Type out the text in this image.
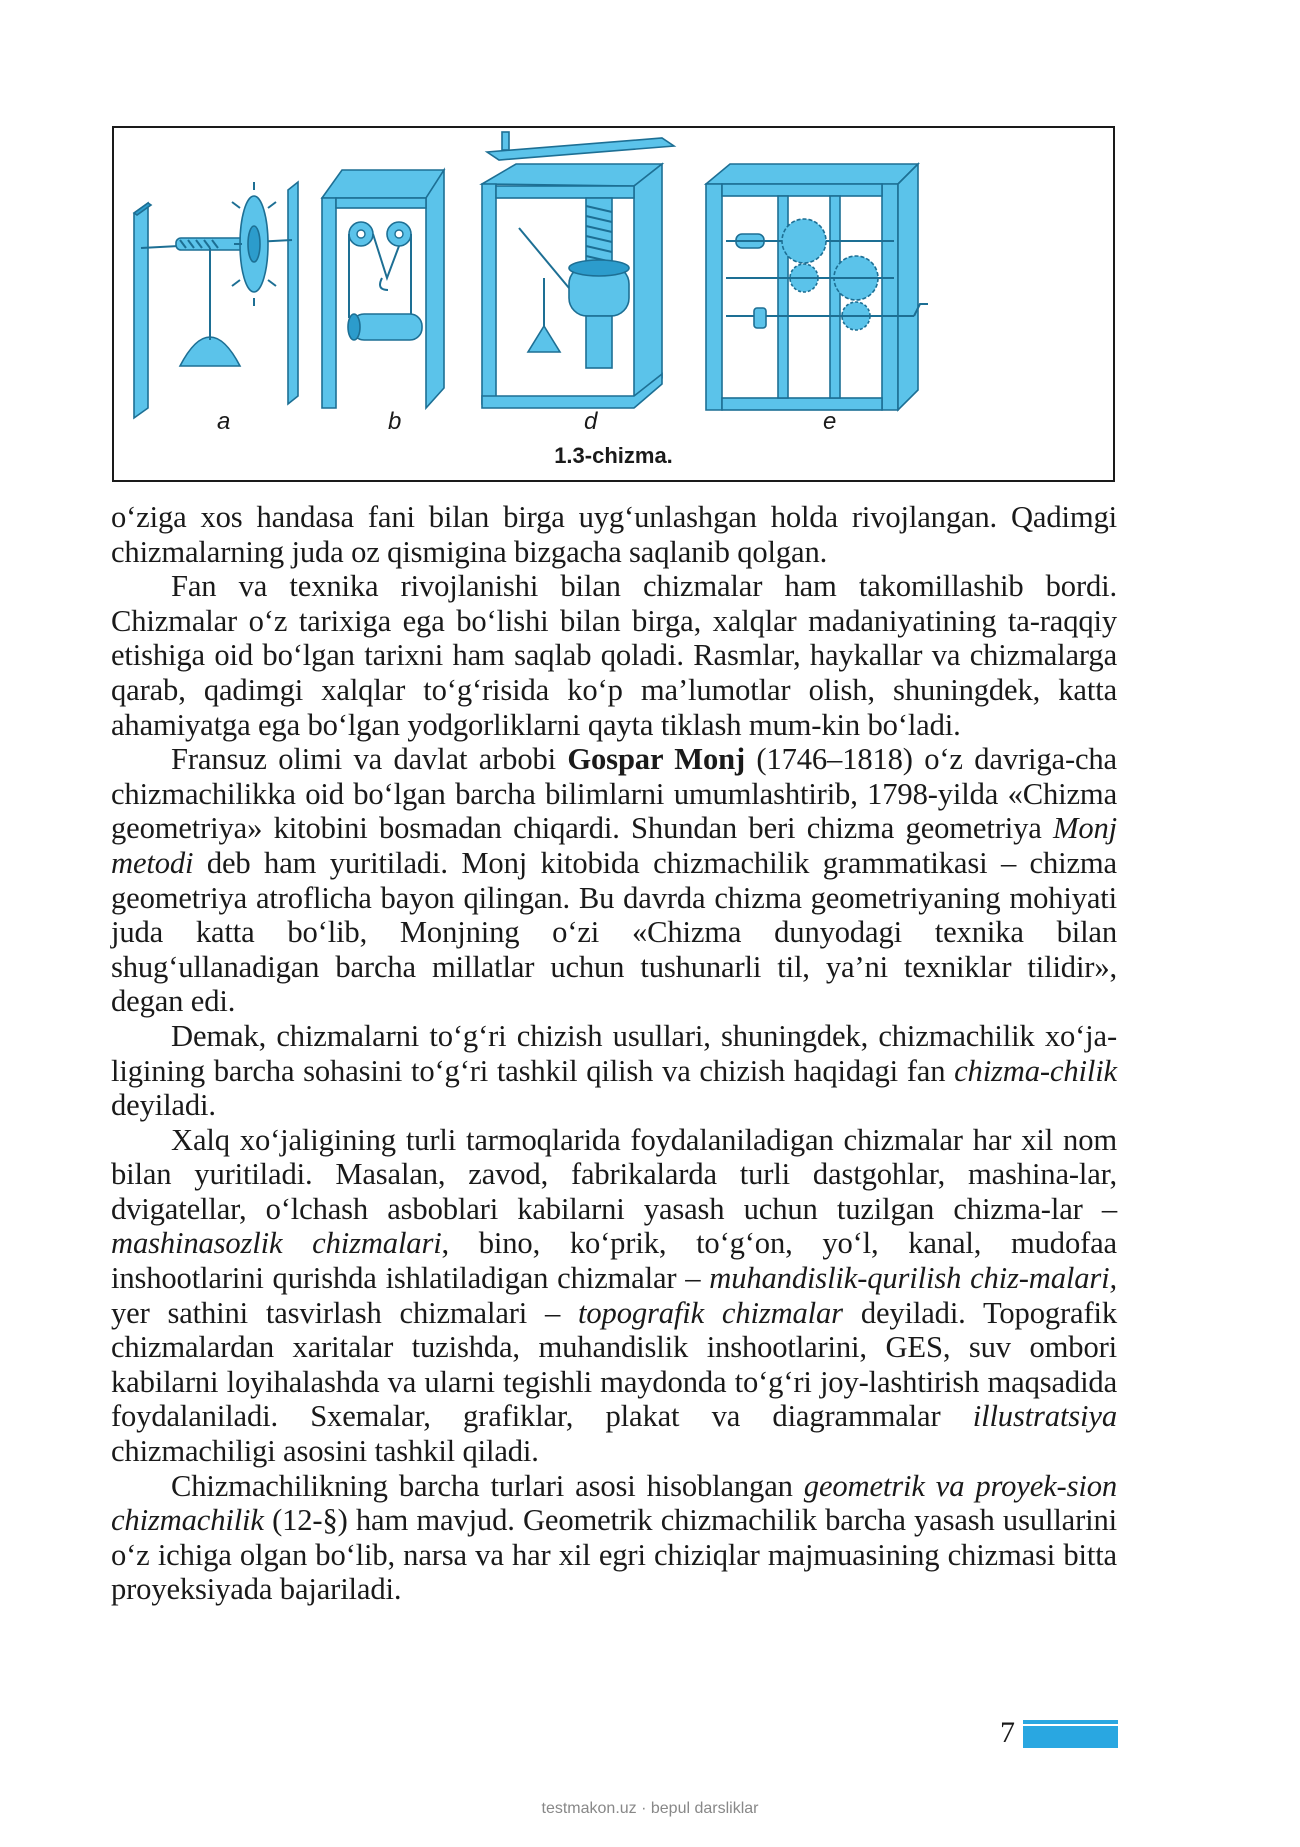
a	b	d	e
1.3-chizma.

o‘ziga xos handasa fani bilan birga uyg‘unlashgan holda rivojlangan. Qadimgi chizmalarning juda oz qismigina bizgacha saqlanib qolgan.

Fan va texnika rivojlanishi bilan chizmalar ham takomillashib bordi. Chizmalar o‘z tarixiga ega bo‘lishi bilan birga, xalqlar madaniyatining ta-raqqiy etishiga oid bo‘lgan tarixni ham saqlab qoladi. Rasmlar, haykallar va chizmalarga qarab, qadimgi xalqlar to‘g‘risida ko‘p ma’lumotlar olish, shuningdek, katta ahamiyatga ega bo‘lgan yodgorliklarni qayta tiklash mum-kin bo‘ladi.

Fransuz olimi va davlat arbobi Gospar Monj (1746–1818) o‘z davriga-cha chizmachilikka oid bo‘lgan barcha bilimlarni umumlashtirib, 1798-yilda «Chizma geometriya» kitobini bosmadan chiqardi. Shundan beri chizma geometriya Monj metodi deb ham yuritiladi. Monj kitobida chizmachilik grammatikasi – chizma geometriya atroflicha bayon qilingan. Bu davrda chizma geometriyaning mohiyati juda katta bo‘lib, Monjning o‘zi «Chizma dunyodagi texnika bilan shug‘ullanadigan barcha millatlar uchun tushunarli til, ya’ni texniklar tilidir», degan edi.

Demak, chizmalarni to‘g‘ri chizish usullari, shuningdek, chizmachilik xo‘ja-ligining barcha sohasini to‘g‘ri tashkil qilish va chizish haqidagi fan chizma-chilik deyiladi.

Xalq xo‘jaligining turli tarmoqlarida foydalaniladigan chizmalar har xil nom bilan yuritiladi. Masalan, zavod, fabrikalarda turli dastgohlar, mashina-lar, dvigatellar, o‘lchash asboblari kabilarni yasash uchun tuzilgan chizma-lar –mashinasozlik chizmalari, bino, ko‘prik, to‘g‘on, yo‘l, kanal, mudofaa inshootlarini qurishda ishlatiladigan chizmalar – muhandislik-qurilish chiz-malari, yer sathini tasvirlash chizmalari – topografik chizmalar deyiladi. Topografik chizmalardan xaritalar tuzishda, muhandislik inshootlarini, GES, suv ombori kabilarni loyihalashda va ularni tegishli maydonda to‘g‘ri joy-lashtirish maqsadida foydalaniladi. Sxemalar, grafiklar, plakat va diagrammalar illustratsiya chizmachiligi asosini tashkil qiladi.

Chizmachilikning barcha turlari asosi hisoblangan geometrik va proyek-sion chizmachilik (12-§) ham mavjud. Geometrik chizmachilik barcha yasash usullarini o‘z ichiga olgan bo‘lib, narsa va har xil egri chiziqlar majmuasining chizmasi bitta proyeksiyada bajariladi.

7
testmakon.uz · bepul darsliklar
